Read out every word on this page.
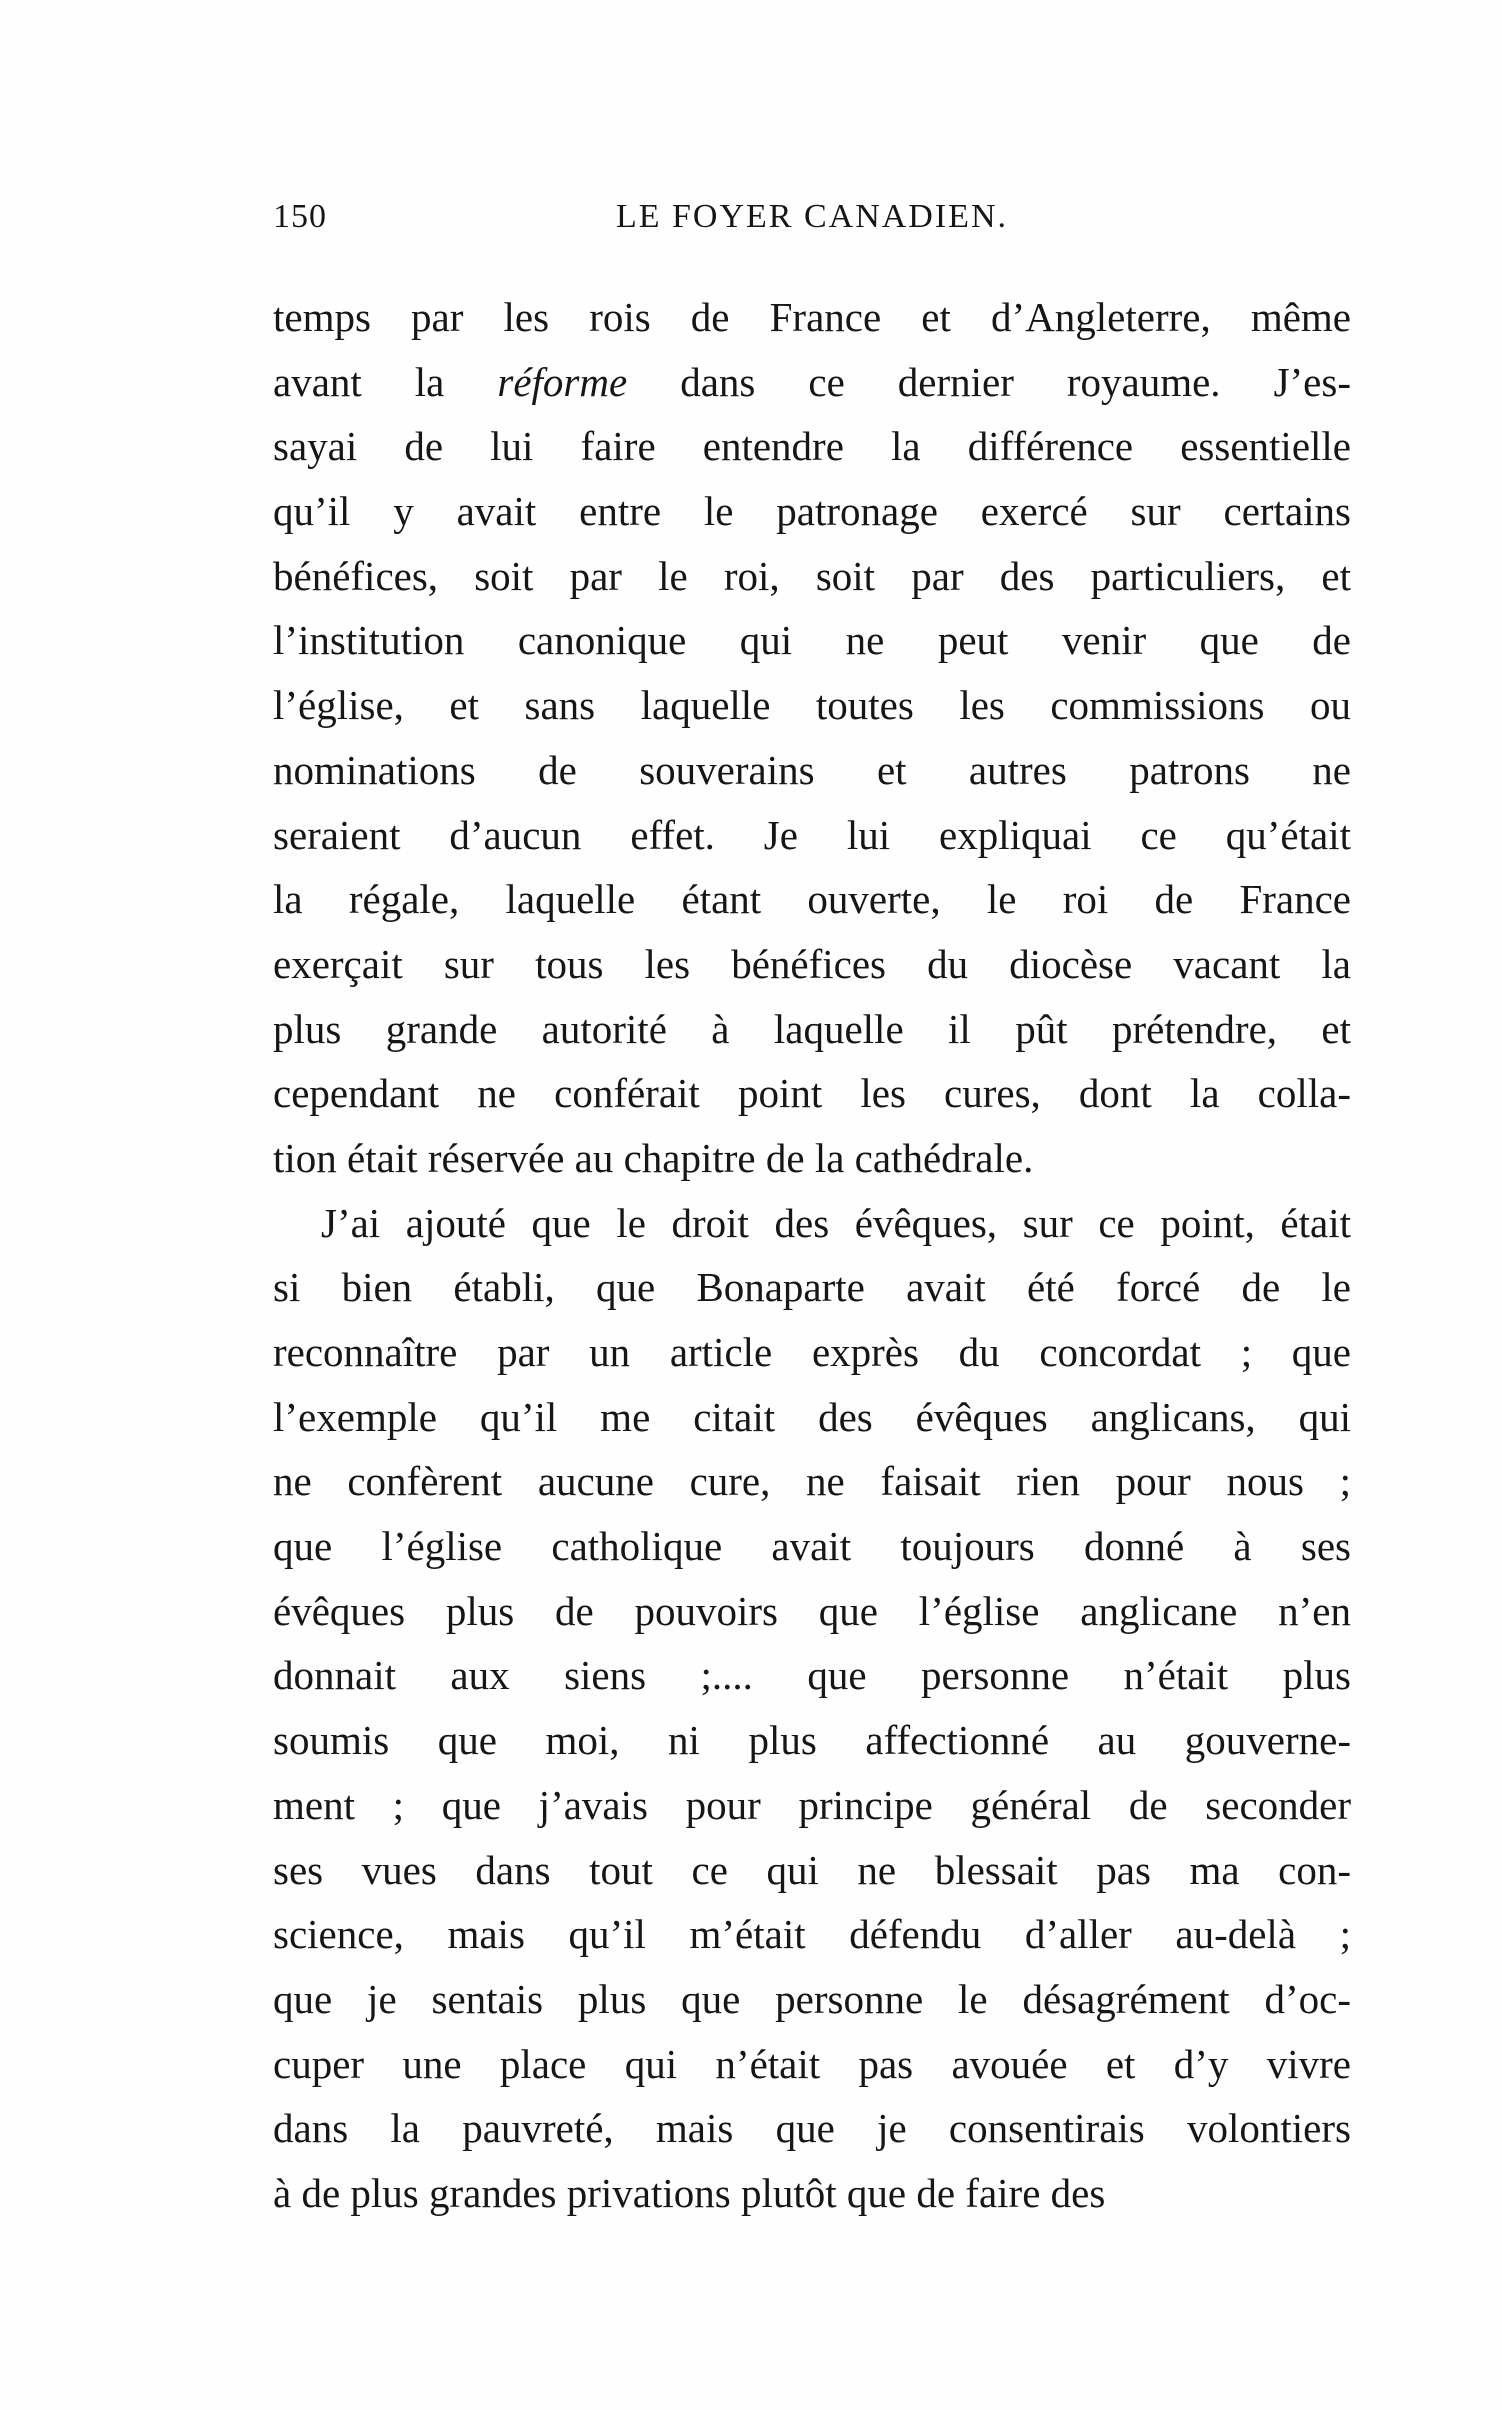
150	LE FOYER CANADIEN.
temps par les rois de France et d’Angleterre, même
avant la réforme dans ce dernier royaume. J’es-
sayai de lui faire entendre la différence essentielle
qu’il y avait entre le patronage exercé sur certains
bénéfices, soit par le roi, soit par des particuliers, et
l’institution canonique qui ne peut venir que de
l’église, et sans laquelle toutes les commissions ou
nominations de souverains et autres patrons ne
seraient d’aucun effet. Je lui expliquai ce qu’était
la régale, laquelle étant ouverte, le roi de France
exerçait sur tous les bénéfices du diocèse vacant la
plus grande autorité à laquelle il pût prétendre, et
cependant ne conférait point les cures, dont la colla-
tion était réservée au chapitre de la cathédrale.
J’ai ajouté que le droit des évêques, sur ce point, était
si bien établi, que Bonaparte avait été forcé de le
reconnaître par un article exprès du concordat ; que
l’exemple qu’il me citait des évêques anglicans, qui
ne confèrent aucune cure, ne faisait rien pour nous ;
que l’église catholique avait toujours donné à ses
évêques plus de pouvoirs que l’église anglicane n’en
donnait aux siens ;.... que personne n’était plus
soumis que moi, ni plus affectionné au gouverne-
ment ; que j’avais pour principe général de seconder
ses vues dans tout ce qui ne blessait pas ma con-
science, mais qu’il m’était défendu d’aller au-delà ;
que je sentais plus que personne le désagrément d’oc-
cuper une place qui n’était pas avouée et d’y vivre
dans la pauvreté, mais que je consentirais volontiers
à de plus grandes privations plutôt que de faire des
